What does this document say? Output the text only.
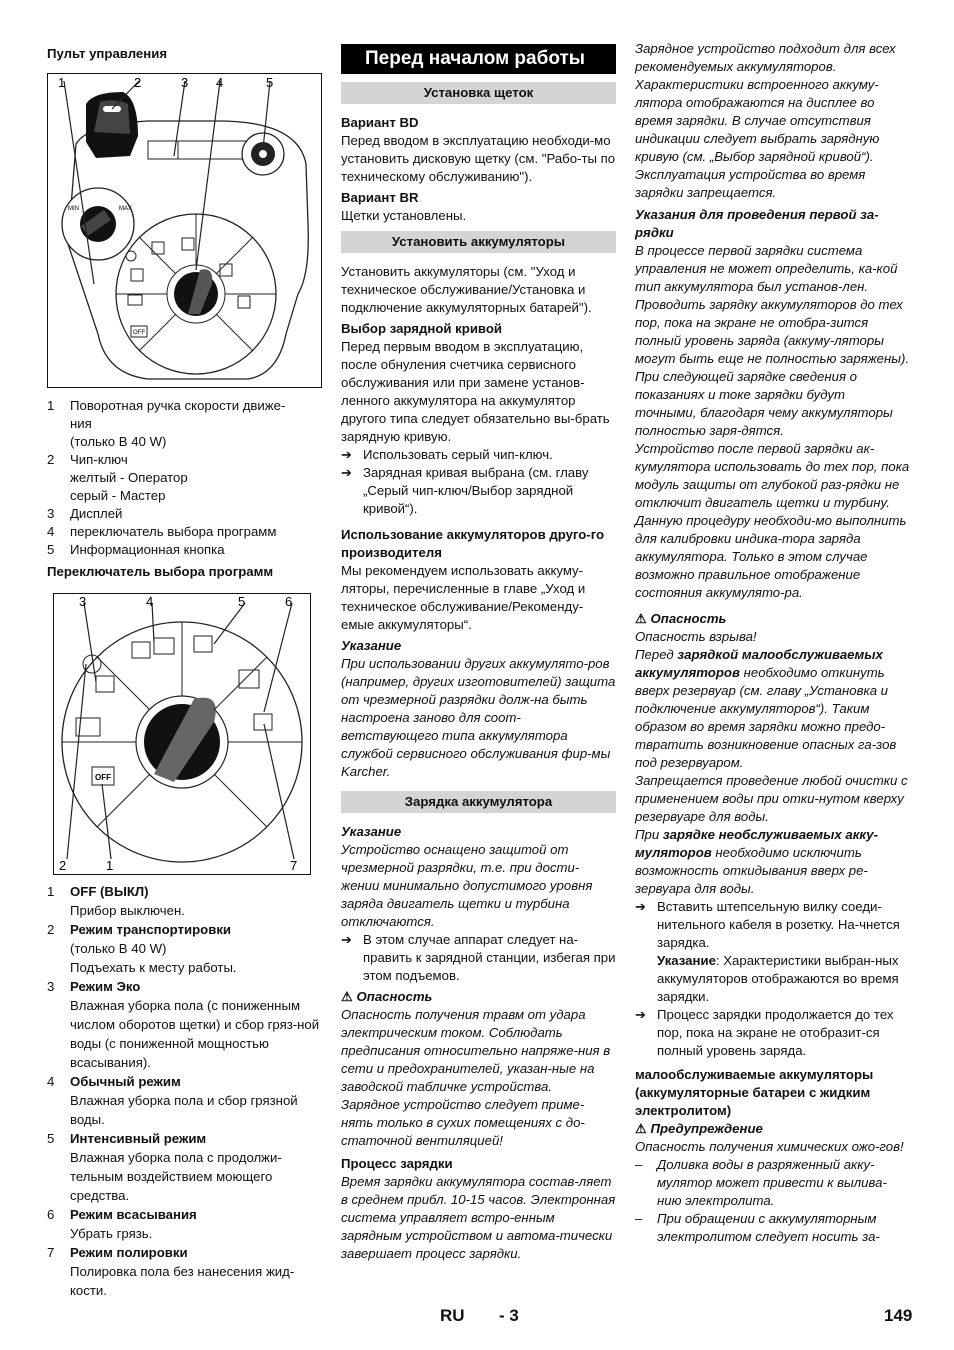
Пульт управления

MIN	MAX
OFF
1	2	3 4	5
1	Поворотная ручка скорости движе-
ния
(только B 40 W)
2	Чип-ключ
желтый - Оператор
серый - Мастер
3	Дисплей
4	переключатель выбора программ
5	Информационная кнопка

Переключатель выбора программ

OFF
3	4	5	6
2	1	7
1	OFF (ВЫКЛ)
Прибор выключен.
2	Режим транспортировки
(только B 40 W)
Подъехать к месту работы.
3	Режим Эко
Влажная уборка пола (с пониженным числом оборотов щетки) и сбор гряз-ной воды (с пониженной мощностью всасывания).
4	Обычный режим
Влажная уборка пола и сбор грязной воды.
5	Интенсивный режим
Влажная уборка пола с продолжи-тельным воздействием моющего средства.
6	Режим всасывания
Убрать грязь.
7	Режим полировки
Полировка пола без нанесения жид-кости.
Перед началом работы
Установка щеток

Вариант BD

Перед вводом в эксплуатацию необходи-мо установить дисковую щетку (см. "Рабо-ты по техническому обслуживанию").

Вариант BR

Щетки установлены.

Установить аккумуляторы

Установить аккумуляторы (см. "Уход и техническое обслуживание/Установка и подключение аккумуляторных батарей").

Выбор зарядной кривой

Перед первым вводом в эксплуатацию, после обнуления счетчика сервисного обслуживания или при замене установ-ленного аккумулятора на аккумулятор другого типа следует обязательно вы-брать зарядную кривую.

➔ Использовать серый чип-ключ.
➔ Зарядная кривая выбрана (см. главу „Серый чип-ключ/Выбор зарядной кривой“).

Использование аккумуляторов друго-го производителя

Мы рекомендуем использовать аккуму-ляторы, перечисленные в главе „Уход и техническое обслуживание/Рекоменду-емые аккумуляторы“.

Указание

При использовании других аккумулято-ров (например, других изготовителей) защита от чрезмерной разрядки долж-на быть настроена заново для соот-ветствующего типа аккумулятора службой сервисного обслуживания фир-мы Karcher.

Зарядка аккумулятора

Указание

Устройство оснащено защитой от чрезмерной разрядки, т.е. при дости-жении минимально допустимого уровня заряда двигатель щетки и турбина отключаются.

➔ В этом случае аппарат следует на-править к зарядной станции, избегая при этом подъемов.

⚠ Опасность

Опасность получения травм от удара электрическим током. Соблюдать предписания относительно напряже-ния в сети и предохранителей, указан-ные на заводской табличке устройства.

Зарядное устройство следует приме-нять только в сухих помещениях с до-статочной вентиляцией!

Процесс зарядки

Время зарядки аккумулятора состав-ляет в среднем прибл. 10-15 часов. Электронная система управляет встро-енным зарядным устройством и автома-тически завершает процесс зарядки.

Зарядное устройство подходит для всех рекомендуемых аккумуляторов. Характеристики встроенного аккуму-лятора отображаются на дисплее во время зарядки. В случае отсутствия индикации следует выбрать зарядную кривую (см. „Выбор зарядной кривой“). Эксплуатация устройства во время зарядки запрещается.

Указания для проведения первой за-рядки

В процессе первой зарядки система управления не может определить, ка-кой тип аккумулятора был установ-лен. Проводить зарядку аккумуляторов до тех пор, пока на экране не отобра-зится полный уровень заряда (аккуму-ляторы могут быть еще не полностью заряжены). При следующей зарядке сведения о показаниях и токе зарядки будут точными, благодаря чему аккумуляторы полностью заря-дятся.

Устройство после первой зарядки ак-кумулятора использовать до тех пор, пока модуль защиты от глубокой раз-рядки не отключит двигатель щетки и турбину. Данную процедуру необходи-мо выполнить для калибровки индика-тора заряда аккумулятора. Только в этом случае возможно правильное отображение состояния аккумулято-ра.

⚠ Опасность

Опасность взрыва!

Перед зарядкой малообслуживаемых аккумуляторов необходимо откинуть вверх резервуар (см. главу „Установка и подключение аккумуляторов“). Таким образом во время зарядки можно предо-твратить возникновение опасных га-зов под резервуаром.

Запрещается проведение любой очистки с применением воды при отки-нутом кверху резервуаре для воды.

При зарядке необслуживаемых акку-муляторов необходимо исключить возможность откидывания вверх ре-зервуара для воды.

➔ Вставить штепсельную вилку соеди-нительного кабеля в розетку. На-чнется зарядка.
Указание: Характеристики выбран-ных аккумуляторов отображаются во время зарядки.
➔ Процесс зарядки продолжается до тех пор, пока на экране не отобразит-ся полный уровень заряда.

малообслуживаемые аккумуляторы (аккумуляторные батареи с жидким электролитом)

⚠ Предупреждение

Опасность получения химических ожо-гов!

–	Доливка воды в разряженный акку-мулятор может привести к вылива-нию электролита.
–	При обращении с аккумуляторным электролитом следует носить за-
RU - 3	149
